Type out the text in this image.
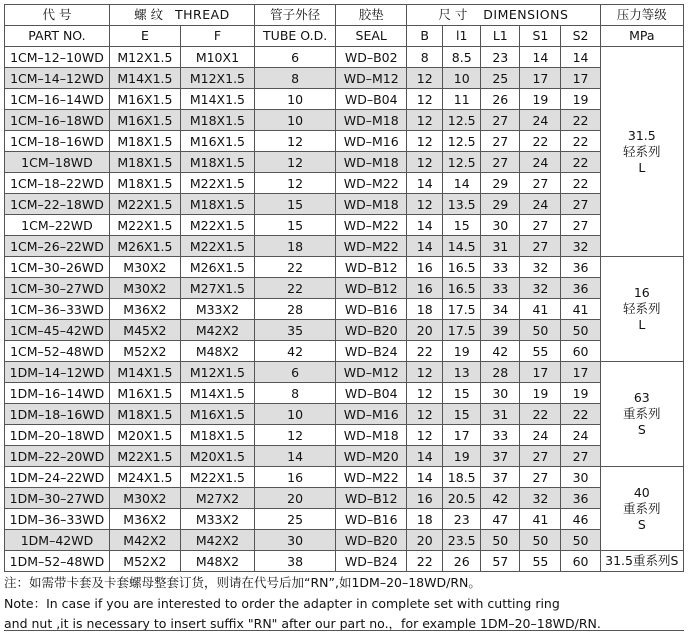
代 号	螺 纹 THREAD		管子外径	胶垫	尺 寸 DIMENSIONS					压力等级
PART NO.	E	F	TUBE O.D.	SEAL	B	l1	L1	S1	S2	MPa
1CM–12–10WD	M12X1.5	M10X1	6	WD–B02	8	8.5	23	14	14	31.5
轻系列
L

1CM–14–12WD	M14X1.5	M12X1.5	8	WD–M12	12	10	25	17	17	
1CM–16–14WD	M16X1.5	M14X1.5	10	WD–B04	12	11	26	19	19	
1CM–16–18WD	M16X1.5	M18X1.5	10	WD–M18	12	12.5	27	24	22	
1CM–18–16WD	M18X1.5	M16X1.5	12	WD–M16	12	12.5	27	22	22	
1CM–18WD	M18X1.5	M18X1.5	12	WD–M18	12	12.5	27	24	22	
1CM–18–22WD	M18X1.5	M22X1.5	12	WD–M22	14	14	29	27	22	
1CM–22–18WD	M22X1.5	M18X1.5	15	WD–M18	12	13.5	29	24	27	
1CM–22WD	M22X1.5	M22X1.5	15	WD–M22	14	15	30	27	27	
1CM–26–22WD	M26X1.5	M22X1.5	18	WD–M22	14	14.5	31	27	32	
1CM–30–26WD	M30X2	M26X1.5	22	WD–B12	16	16.5	33	32	36	16
轻系列
L

1CM–30–27WD	M30X2	M27X1.5	22	WD–B12	16	16.5	33	32	36	
1CM–36–33WD	M36X2	M33X2	28	WD–B16	18	17.5	34	41	41	
1CM–45–42WD	M45X2	M42X2	35	WD–B20	20	17.5	39	50	50	
1CM–52–48WD	M52X2	M48X2	42	WD–B24	22	19	42	55	60	
1DM–14–12WD	M14X1.5	M12X1.5	6	WD–M12	12	13	28	17	17	63
重系列
S

1DM–16–14WD	M16X1.5	M14X1.5	8	WD–B04	12	15	30	19	19	
1DM–18–16WD	M18X1.5	M16X1.5	10	WD–M16	12	15	31	22	22	
1DM–20–18WD	M20X1.5	M18X1.5	12	WD–M18	12	17	33	24	24	
1DM–22–20WD	M22X1.5	M20X1.5	14	WD–M20	14	19	37	27	27	
1DM–24–22WD	M24X1.5	M22X1.5	16	WD–M22	14	18.5	37	27	30	40
重系列
S

1DM–30–27WD	M30X2	M27X2	20	WD–B12	16	20.5	42	32	36	
1DM–36–33WD	M36X2	M33X2	25	WD–B16	18	23	47	41	46	
1DM–42WD	M42X2	M42X2	30	WD–B20	20	23.5	50	50	50	
1DM–52–48WD	M52X2	M48X2	38	WD–B24	22	26	57	55	60	31.5重系列S
注：如需带卡套及卡套螺母整套订货，则请在代号后加“RN”,如1DM–20–18WD/RN。
Note：In case if you are interested to order the adapter in complete set with cutting ring
and nut ,it is necessary to insert suffix "RN" after our part no.，for example 1DM–20–18WD/RN.
